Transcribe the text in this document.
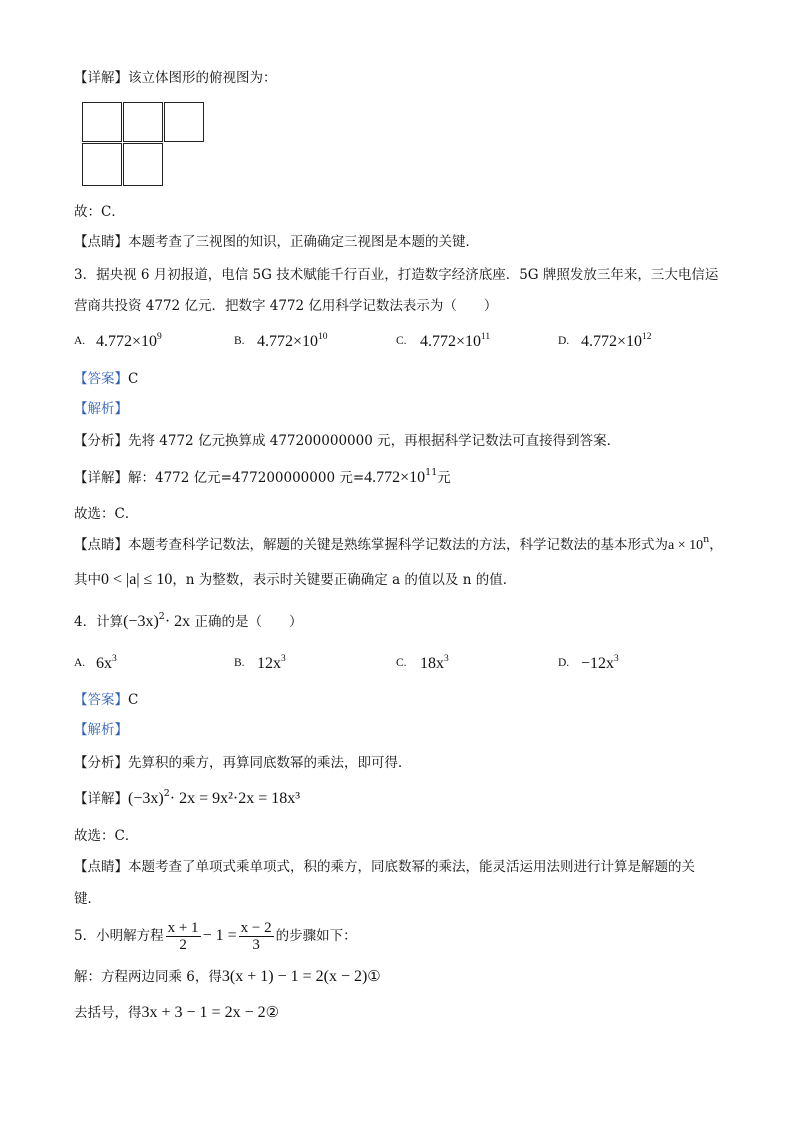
【详解】该立体图形的俯视图为：
故：C．
【点睛】本题考查了三视图的知识，正确确定三视图是本题的关键．
3．据央视 6 月初报道，电信 5G 技术赋能千行百业，打造数字经济底座．5G 牌照发放三年来，三大电信运
营商共投资 4772 亿元．把数字 4772 亿用科学记数法表示为（　　）
A. $4.772\times 10^9$	B. $4.772\times 10^{10}$	C. $4.772\times 10^{11}$	D. $4.772\times 10^{12}$
【答案】C
【解析】
【分析】先将 4772 亿元换算成 477200000000 元，再根据科学记数法可直接得到答案．
【详解】解：4772 亿元=477200000000 元$=4.772\times 10^{11}$元
故选：C．
【点睛】本题考查科学记数法，解题的关键是熟练掌握科学记数法的方法，科学记数法的基本形式为$a \times 10^n$，
其中0 < |a| ≤ 10，n 为整数，表示时关键要正确确定 a 的值以及 n 的值．
4．计算$(-3x)^2\cdot 2x$ 正确的是（　　）
A. $6x^3$	B. $12x^3$	C. $18x^3$	D. $-12x^3$
【答案】C
【解析】
【分析】先算积的乘方，再算同底数幂的乘法，即可得．
【详解】$(-3x)^2\cdot 2x = 9x^2\cdot 2x = 18x^3$
故选：C．
【点睛】本题考查了单项式乘单项式，积的乘方，同底数幂的乘法，能灵活运用法则进行计算是解题的关
键．
5．小明解方程 $\frac{x + 1}{2} - 1 = \frac{x - 2}{3}$ 的步骤如下：
解：方程两边同乘 6，得3(x + 1) − 1 = 2(x − 2)①
去括号，得3x + 3 − 1 = 2x − 2②
